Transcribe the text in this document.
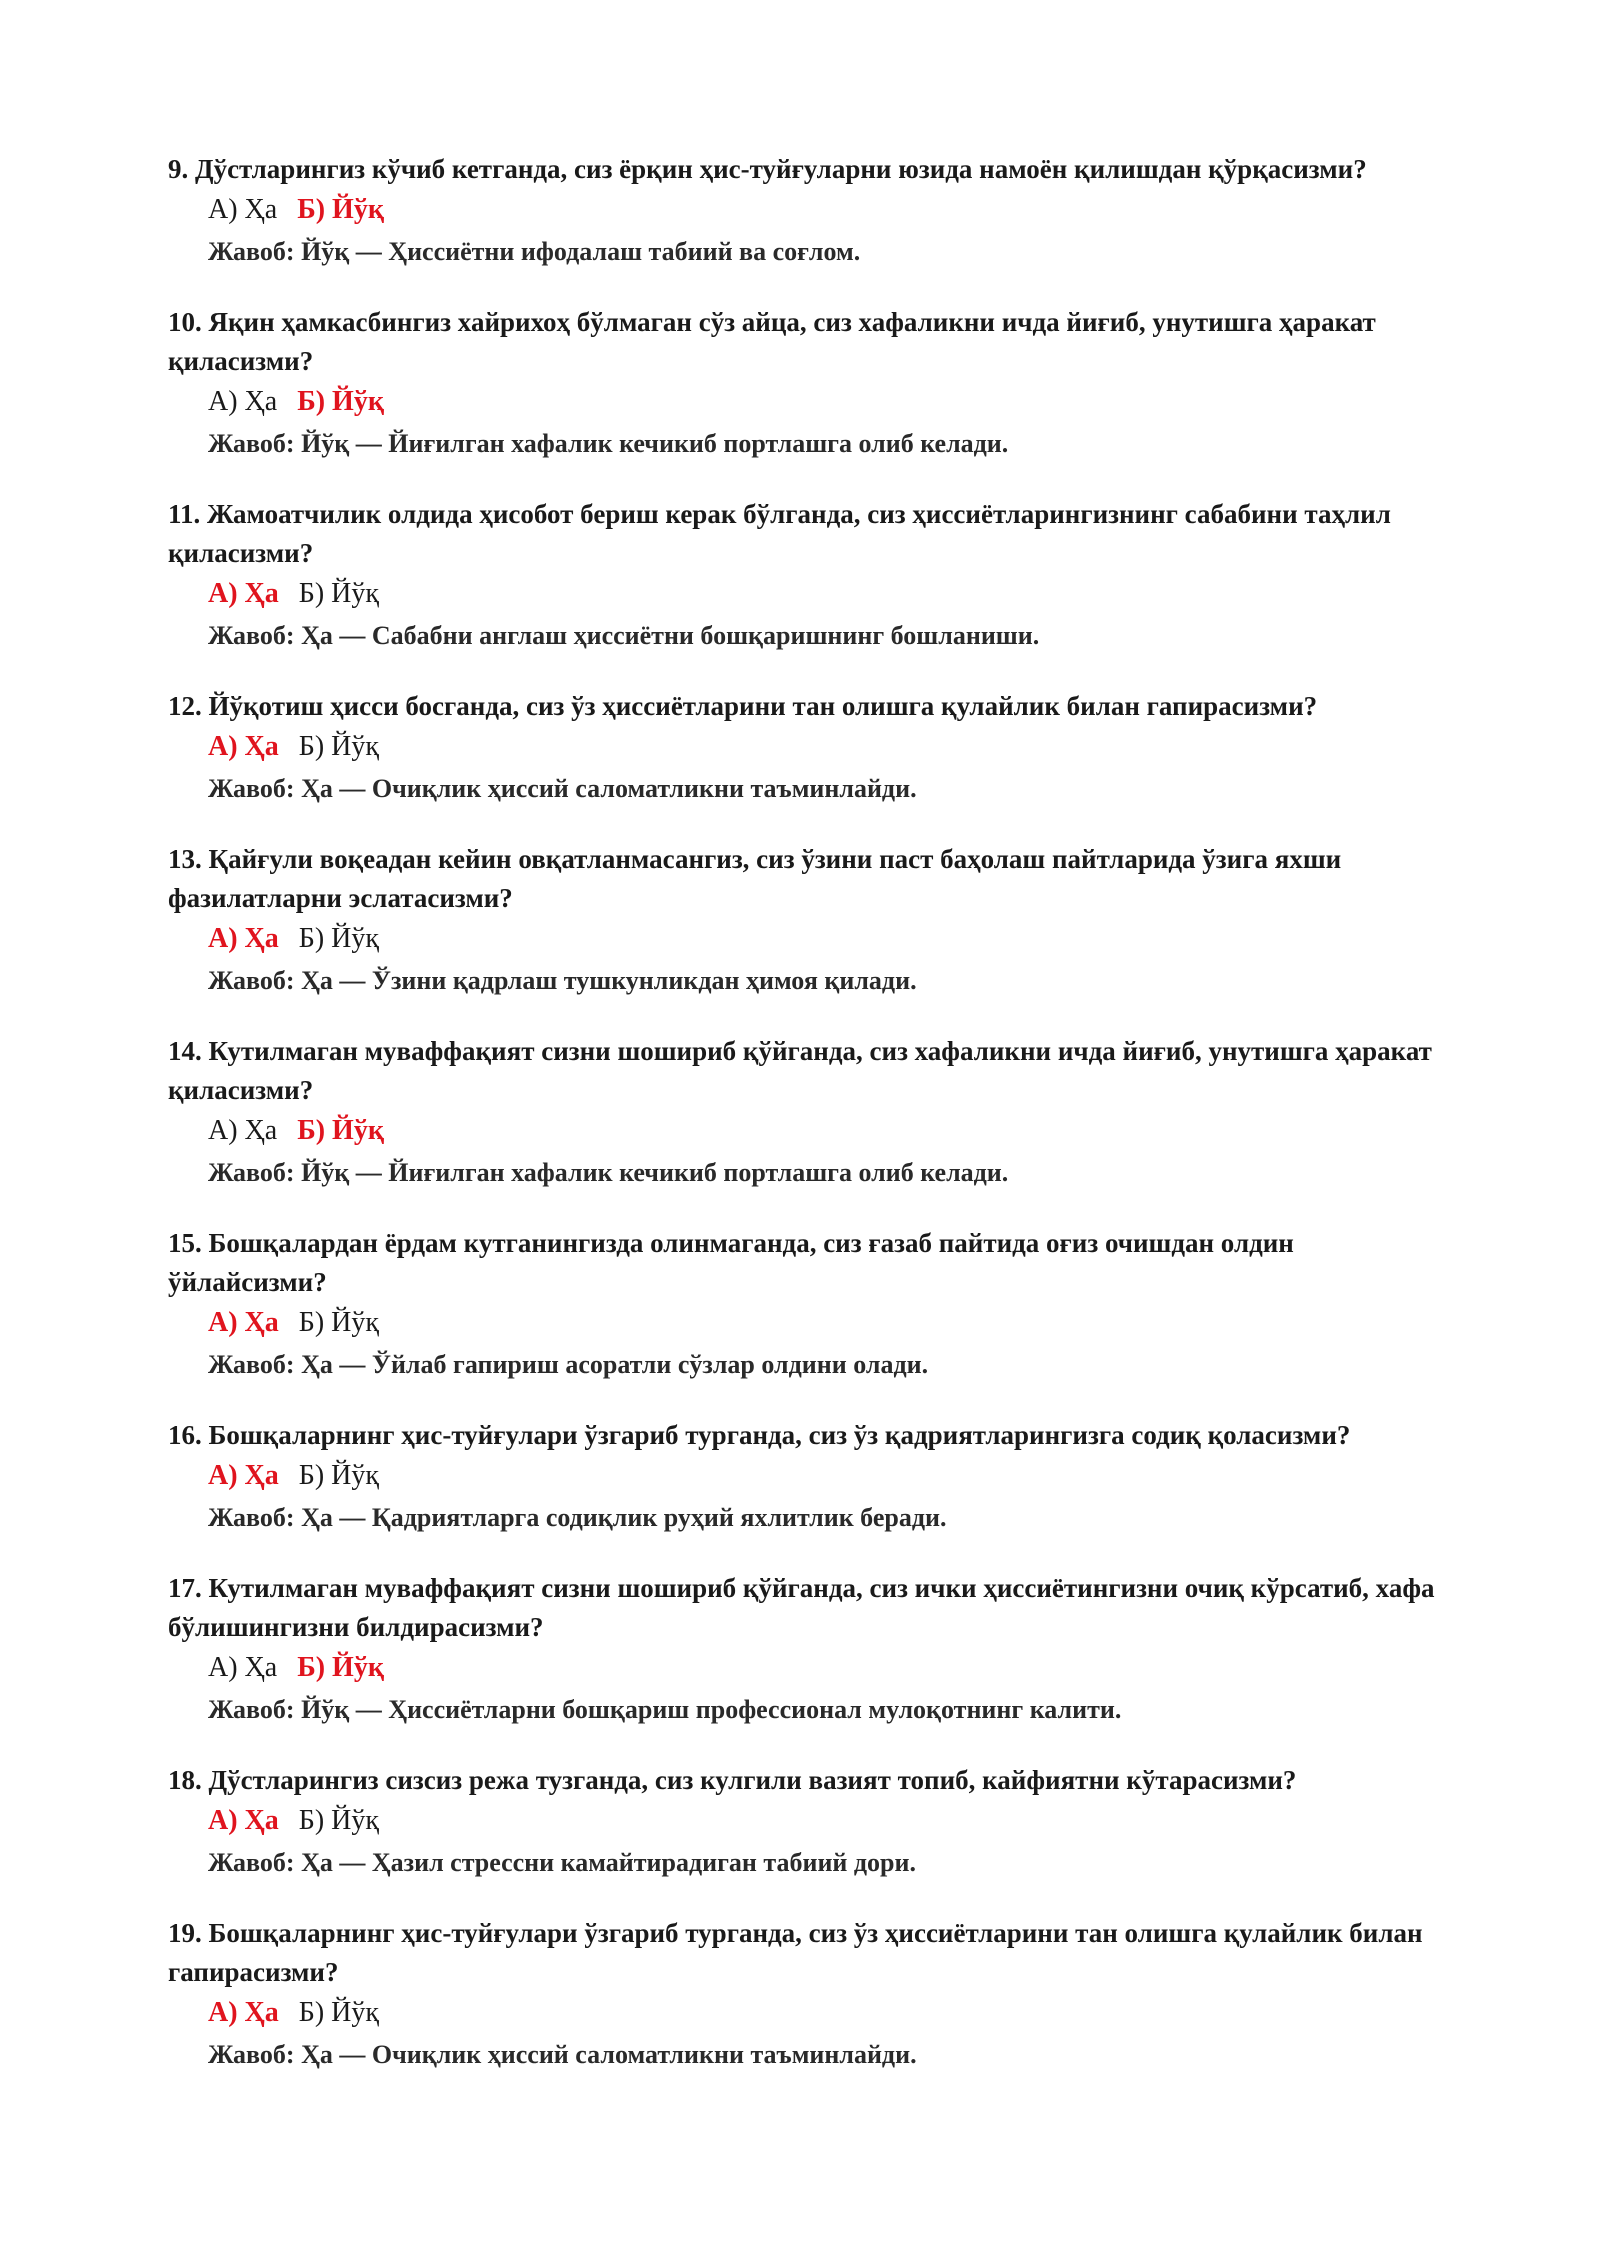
9. Дўстларингиз кўчиб кетганда, сиз ёрқин ҳис-туйғуларни юзида намоён қилишдан қўрқасизми?

А) Ҳа Б) Йўқ
Жавоб: Йўқ — Ҳиссиётни ифодалаш табиий ва соғлом.

10. Яқин ҳамкасбингиз хайрихоҳ бўлмаган сўз айца, сиз хафаликни ичда йиғиб, унутишга ҳаракат қиласизми?

А) Ҳа Б) Йўқ
Жавоб: Йўқ — Йиғилган хафалик кечикиб портлашга олиб келади.

11. Жамоатчилик олдида ҳисобот бериш керак бўлганда, сиз ҳиссиётларингизнинг сабабини таҳлил қиласизми?

А) Ҳа Б) Йўқ
Жавоб: Ҳа — Сабабни англаш ҳиссиётни бошқаришнинг бошланиши.

12. Йўқотиш ҳисси босганда, сиз ўз ҳиссиётларини тан олишга қулайлик билан гапирасизми?

А) Ҳа Б) Йўқ
Жавоб: Ҳа — Очиқлик ҳиссий саломатликни таъминлайди.

13. Қайғули воқеадан кейин овқатланмасангиз, сиз ўзини паст баҳолаш пайтларида ўзига яхши фазилатларни эслатасизми?

А) Ҳа Б) Йўқ
Жавоб: Ҳа — Ўзини қадрлаш тушкунликдан ҳимоя қилади.

14. Кутилмаган муваффақият сизни шошириб қўйганда, сиз хафаликни ичда йиғиб, унутишга ҳаракат қиласизми?

А) Ҳа Б) Йўқ
Жавоб: Йўқ — Йиғилган хафалик кечикиб портлашга олиб келади.

15. Бошқалардан ёрдам кутганингизда олинмаганда, сиз ғазаб пайтида оғиз очишдан олдин ўйлайсизми?

А) Ҳа Б) Йўқ
Жавоб: Ҳа — Ўйлаб гапириш асоратли сўзлар олдини олади.

16. Бошқаларнинг ҳис-туйғулари ўзгариб турганда, сиз ўз қадриятларингизга содиқ қоласизми?

А) Ҳа Б) Йўқ
Жавоб: Ҳа — Қадриятларга содиқлик руҳий яхлитлик беради.

17. Кутилмаган муваффақият сизни шошириб қўйганда, сиз ички ҳиссиётингизни очиқ кўрсатиб, хафа бўлишингизни билдирасизми?

А) Ҳа Б) Йўқ
Жавоб: Йўқ — Ҳиссиётларни бошқариш профессионал мулоқотнинг калити.

18. Дўстларингиз сизсиз режа тузганда, сиз кулгили вазият топиб, кайфиятни кўтарасизми?

А) Ҳа Б) Йўқ
Жавоб: Ҳа — Ҳазил стрессни камайтирадиган табиий дори.

19. Бошқаларнинг ҳис-туйғулари ўзгариб турганда, сиз ўз ҳиссиётларини тан олишга қулайлик билан гапирасизми?

А) Ҳа Б) Йўқ
Жавоб: Ҳа — Очиқлик ҳиссий саломатликни таъминлайди.
